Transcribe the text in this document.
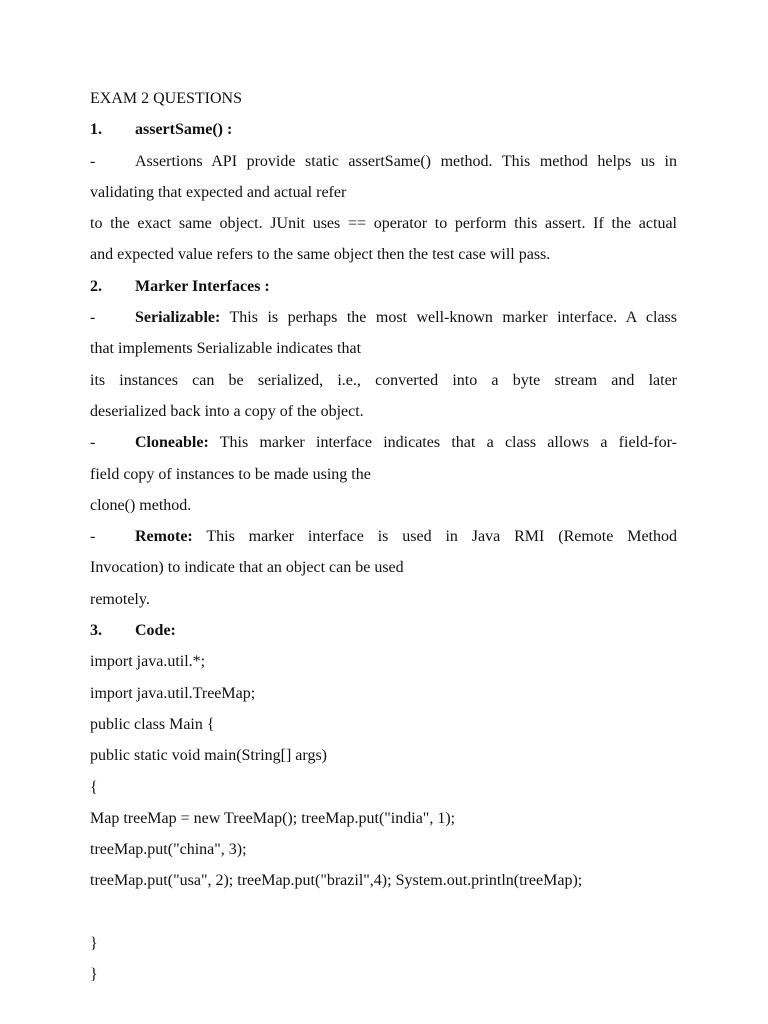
EXAM 2 QUESTIONS
1. assertSame() :
- Assertions API provide static assertSame() method. This method helps us in
validating that expected and actual refer
to the exact same object. JUnit uses == operator to perform this assert. If the actual
and expected value refers to the same object then the test case will pass.
2. Marker Interfaces :
- Serializable: This is perhaps the most well-known marker interface. A class
that implements Serializable indicates that
its instances can be serialized, i.e., converted into a byte stream and later
deserialized back into a copy of the object.
- Cloneable: This marker interface indicates that a class allows a field-for-
field copy of instances to be made using the
clone() method.
- Remote: This marker interface is used in Java RMI (Remote Method
Invocation) to indicate that an object can be used
remotely.
3. Code:
import java.util.*;
import java.util.TreeMap;
public class Main {
public static void main(String[] args)
{
Map treeMap = new TreeMap(); treeMap.put("india", 1);
treeMap.put("china", 3);
treeMap.put("usa", 2); treeMap.put("brazil",4); System.out.println(treeMap);
}
}
